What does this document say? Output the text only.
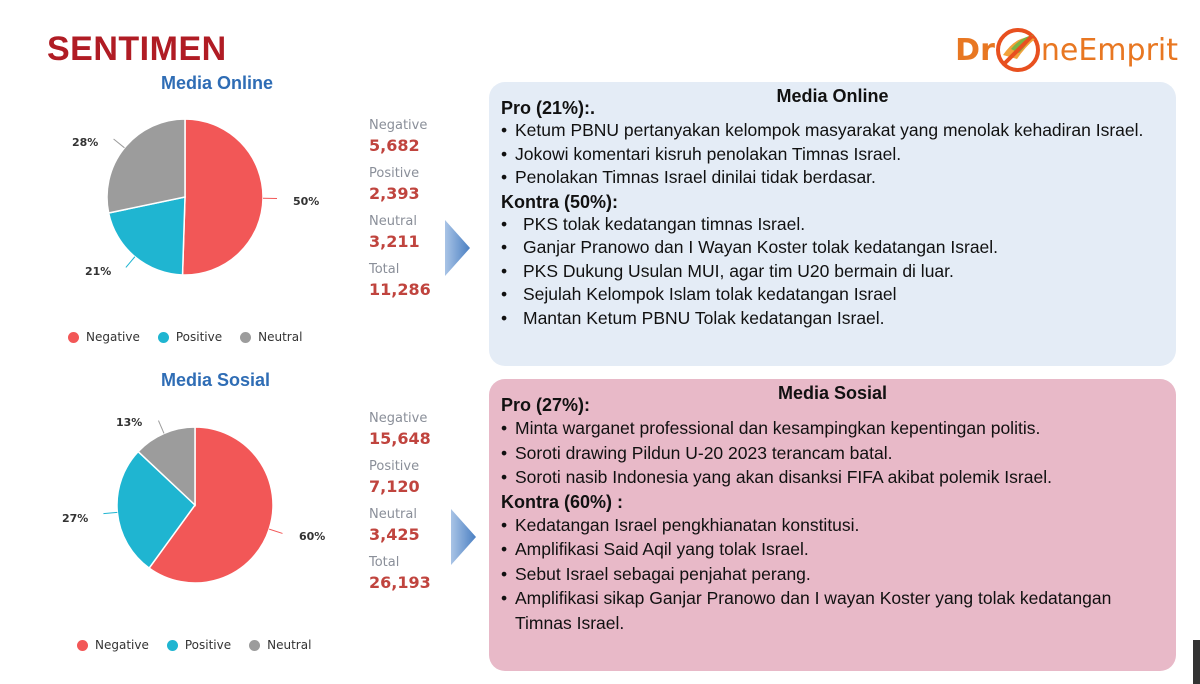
SENTIMEN	Dr neEmprit
Media Online
50%
21%
28%
Negative	Positive	Neutral
Negative
5,682
Positive
2,393
Neutral
3,211
Total
11,286
Media Sosial
60%
27%
13%
Negative	Positive	Neutral
Negative
15,648
Positive
7,120
Neutral
3,425
Total
26,193
Media Online
Pro (21%):.
• Ketum PBNU pertanyakan kelompok masyarakat yang menolak kehadiran Israel.
• Jokowi komentari kisruh penolakan Timnas Israel.
• Penolakan Timnas Israel dinilai tidak berdasar.
Kontra (50%):
• PKS tolak kedatangan timnas Israel.
• Ganjar Pranowo dan I Wayan Koster tolak kedatangan Israel.
• PKS Dukung Usulan MUI, agar tim U20 bermain di luar.
• Sejulah Kelompok Islam tolak kedatangan Israel
• Mantan Ketum PBNU Tolak kedatangan Israel.
Media Sosial
Pro (27%):
• Minta warganet professional dan kesampingkan kepentingan politis.
• Soroti drawing Pildun U-20 2023 terancam batal.
• Soroti nasib Indonesia yang akan disanksi FIFA akibat polemik Israel.
Kontra (60%) :
• Kedatangan Israel pengkhianatan konstitusi.
• Amplifikasi Said Aqil yang tolak Israel.
• Sebut Israel sebagai penjahat perang.
• Amplifikasi sikap Ganjar Pranowo dan I wayan Koster yang tolak kedatangan Timnas Israel.
